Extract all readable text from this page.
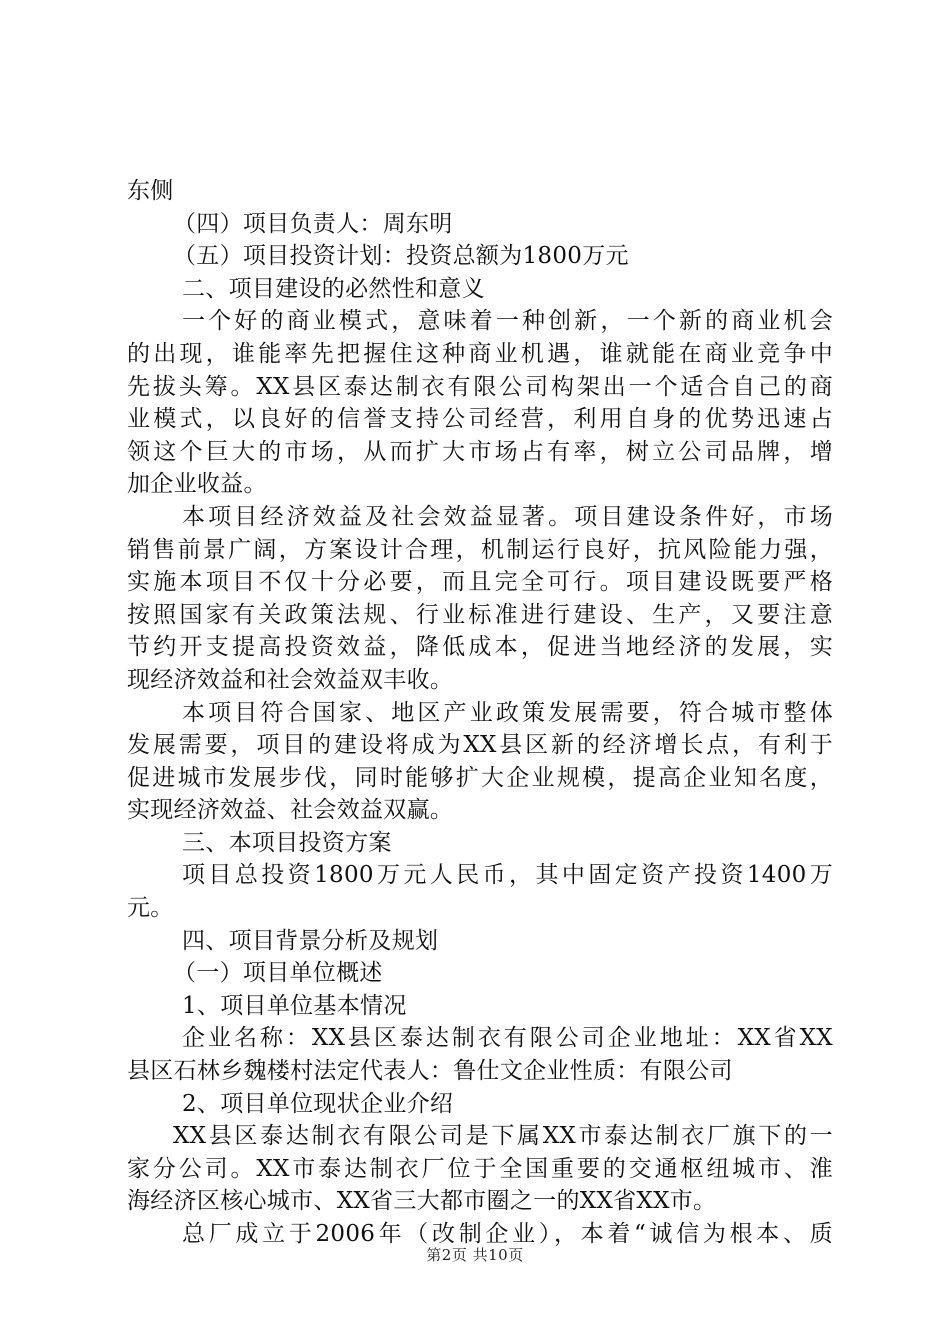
东侧
（四）项目负责人：周东明
（五）项目投资计划：投资总额为1800万元
二、项目建设的必然性和意义
一个好的商业模式，意味着一种创新，一个新的商业机会
的出现，谁能率先把握住这种商业机遇，谁就能在商业竞争中
先拔头筹。XX县区泰达制衣有限公司构架出一个适合自己的商
业模式，以良好的信誉支持公司经营，利用自身的优势迅速占
领这个巨大的市场，从而扩大市场占有率，树立公司品牌，增
加企业收益。
本项目经济效益及社会效益显著。项目建设条件好，市场
销售前景广阔，方案设计合理，机制运行良好，抗风险能力强，
实施本项目不仅十分必要，而且完全可行。项目建设既要严格
按照国家有关政策法规、行业标准进行建设、生产，又要注意
节约开支提高投资效益，降低成本，促进当地经济的发展，实
现经济效益和社会效益双丰收。
本项目符合国家、地区产业政策发展需要，符合城市整体
发展需要，项目的建设将成为XX县区新的经济增长点，有利于
促进城市发展步伐，同时能够扩大企业规模，提高企业知名度，
实现经济效益、社会效益双赢。
三、本项目投资方案
项目总投资1800万元人民币，其中固定资产投资1400万
元。
四、项目背景分析及规划
（一）项目单位概述
1、项目单位基本情况
企业名称：XX县区泰达制衣有限公司企业地址：XX省XX
县区石林乡魏楼村法定代表人：鲁仕文企业性质：有限公司
2、项目单位现状企业介绍
XX县区泰达制衣有限公司是下属XX市泰达制衣厂旗下的一
家分公司。XX市泰达制衣厂位于全国重要的交通枢纽城市、淮
海经济区核心城市、XX省三大都市圈之一的XX省XX市。
总厂成立于2006年（改制企业），本着“诚信为根本、质
第2页 共10页
